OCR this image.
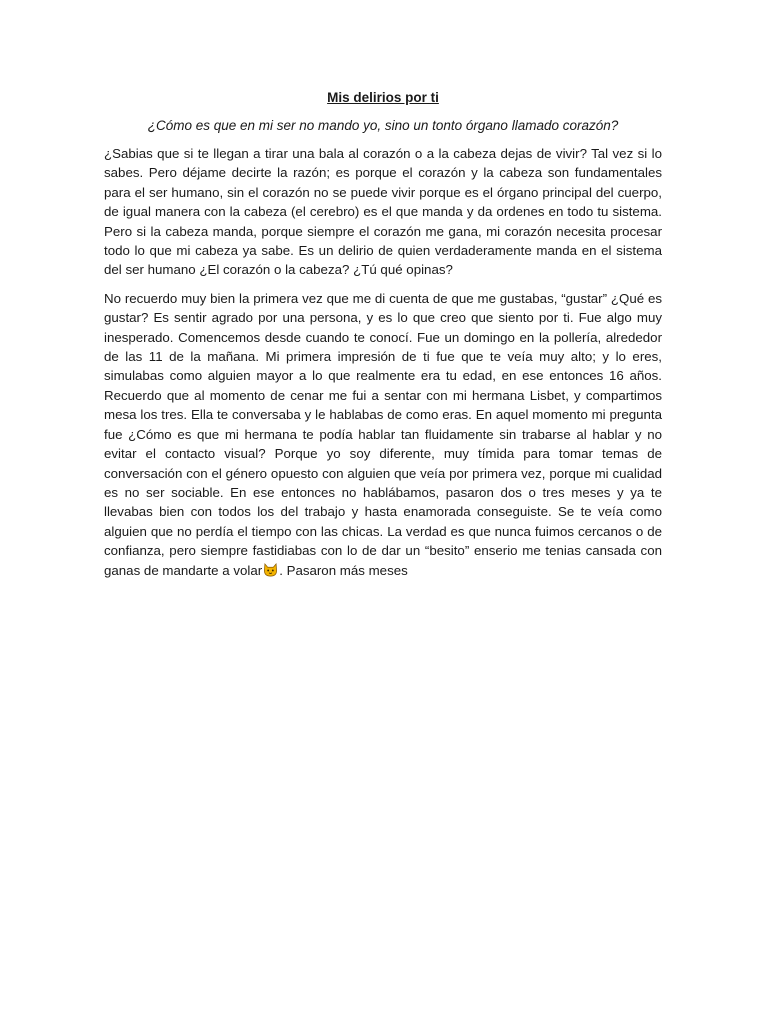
Mis delirios por ti
¿Cómo es que en mi ser no mando yo, sino un tonto órgano llamado corazón?

¿Sabias que si te llegan a tirar una bala al corazón o a la cabeza dejas de vivir? Tal vez si lo sabes. Pero déjame decirte la razón; es porque el corazón y la cabeza son fundamentales para el ser humano, sin el corazón no se puede vivir porque es el órgano principal del cuerpo, de igual manera con la cabeza (el cerebro) es el que manda y da ordenes en todo tu sistema. Pero si la cabeza manda, porque siempre el corazón me gana, mi corazón necesita procesar todo lo que mi cabeza ya sabe. Es un delirio de quien verdaderamente manda en el sistema del ser humano ¿El corazón o la cabeza? ¿Tú qué opinas?

No recuerdo muy bien la primera vez que me di cuenta de que me gustabas, “gustar” ¿Qué es gustar? Es sentir agrado por una persona, y es lo que creo que siento por ti. Fue algo muy inesperado. Comencemos desde cuando te conocí. Fue un domingo en la pollería, alrededor de las 11 de la mañana. Mi primera impresión de ti fue que te veía muy alto; y lo eres, simulabas como alguien mayor a lo que realmente era tu edad, en ese entonces 16 años. Recuerdo que al momento de cenar me fui a sentar con mi hermana Lisbet, y compartimos mesa los tres. Ella te conversaba y le hablabas de como eras. En aquel momento mi pregunta fue ¿Cómo es que mi hermana te podía hablar tan fluidamente sin trabarse al hablar y no evitar el contacto visual? Porque yo soy diferente, muy tímida para tomar temas de conversación con el género opuesto con alguien que veía por primera vez, porque mi cualidad es no ser sociable. En ese entonces no hablábamos, pasaron dos o tres meses y ya te llevabas bien con todos los del trabajo y hasta enamorada conseguiste. Se te veía como alguien que no perdía el tiempo con las chicas. La verdad es que nunca fuimos cercanos o de confianza, pero siempre fastidiabas con lo de dar un “besito” enserio me tenias cansada con ganas de mandarte a volar . Pasaron más meses
